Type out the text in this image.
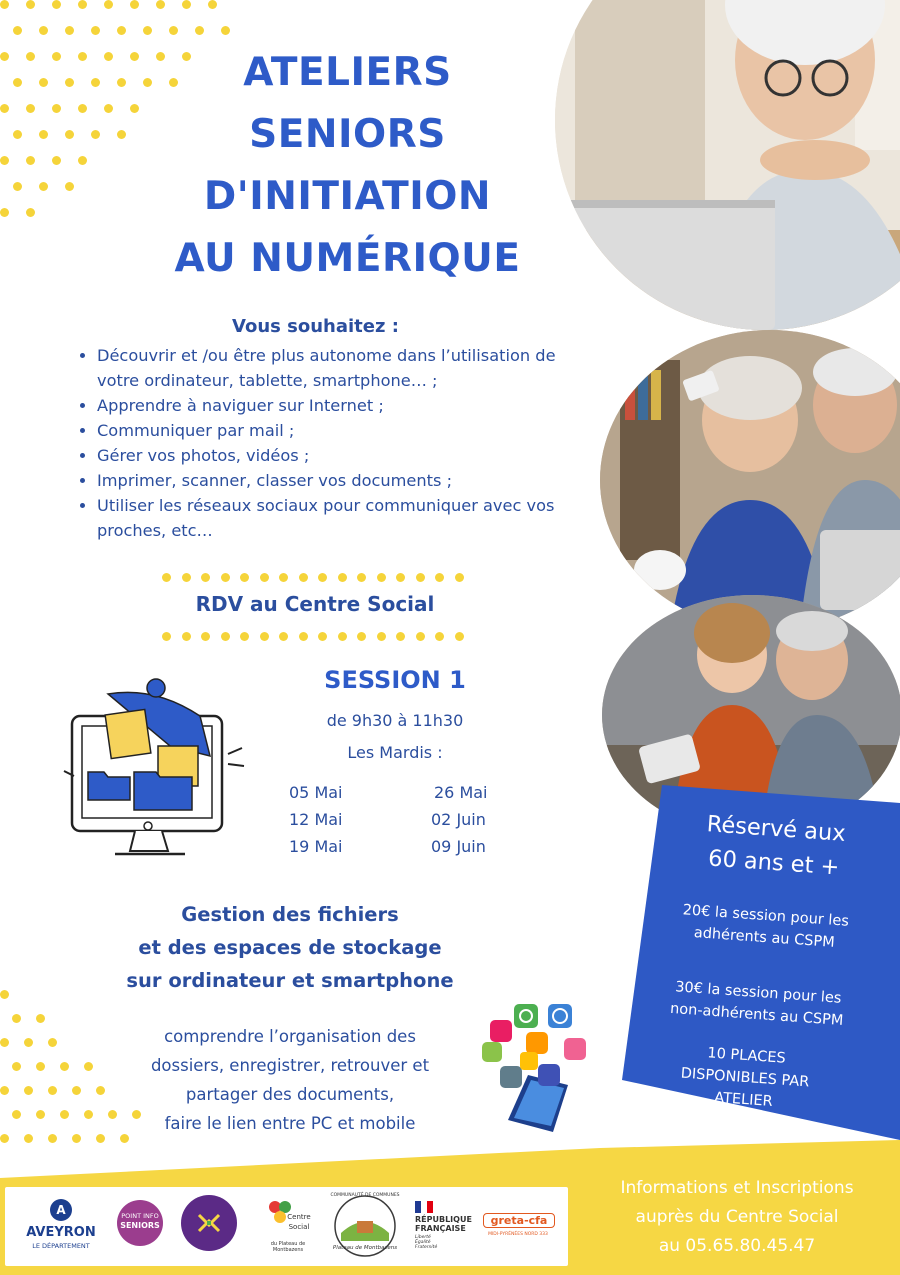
ATELIERS
SENIORS
D'INITIATION
AU NUMÉRIQUE
Vous souhaitez :
• Découvrir et /ou être plus autonome dans l’utilisation de votre ordinateur, tablette, smartphone… ;
• Apprendre à naviguer sur Internet ;
• Communiquer par mail ;
• Gérer vos photos, vidéos ;
• Imprimer, scanner, classer vos documents ;
• Utiliser les réseaux sociaux pour communiquer avec vos proches, etc…
RDV au Centre Social
SESSION 1
de 9h30 à 11h30
Les Mardis :
05 Mai
12 Mai
19 Mai
26 Mai
02 Juin
09 Juin
Gestion des fichiers
et des espaces de stockage
sur ordinateur et smartphone
comprendre l’organisation des
dossiers, enregistrer, retrouver et
partager des documents,
faire le lien entre PC et mobile
Réservé aux
60 ans et +
20€ la session pour les
adhérents au CSPM
30€ la session pour les
non-adhérents au CSPM
10 PLACES
DISPONIBLES PAR
ATELIER
A
AVEYRON
LE DÉPARTEMENT
POINT INFO
SENIORS
Centre
Social
du Plateau de Montbazens
COMMUNAUTÉ DE COMMUNES
Plateau de Montbazens
RÉPUBLIQUE
FRANÇAISE
Liberté Égalité Fraternité
greta-cfa
MIDI-PYRÉNÉES NORD 333
Informations et Inscriptions
auprès du Centre Social
au 05.65.80.45.47
